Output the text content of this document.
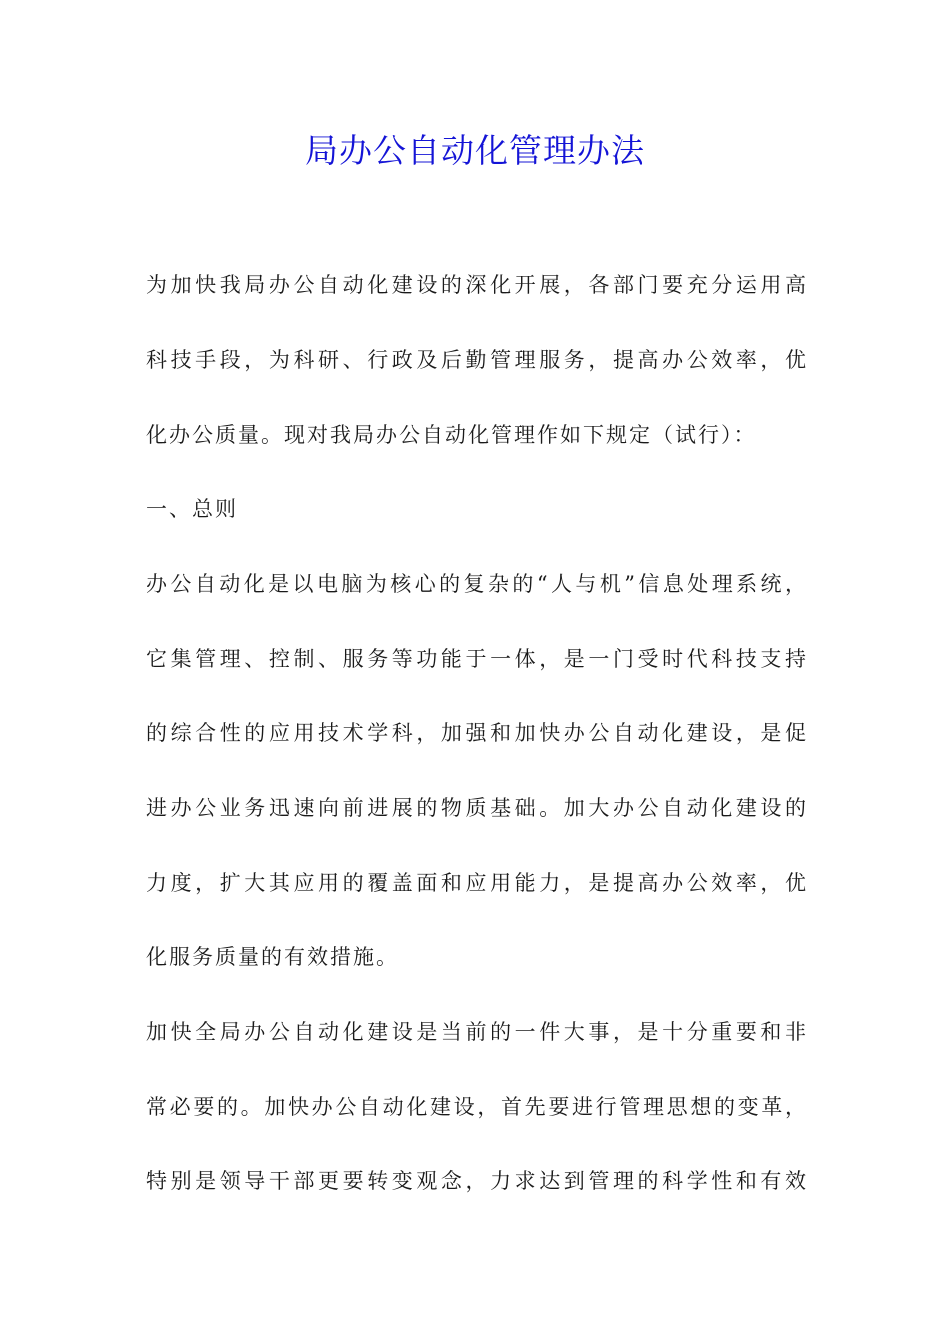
局办公自动化管理办法
为加快我局办公自动化建设的深化开展，各部门要充分运用高
科技手段，为科研、行政及后勤管理服务，提高办公效率，优
化办公质量。现对我局办公自动化管理作如下规定（试行）：
一、总则
办公自动化是以电脑为核心的复杂的“人与机”信息处理系统，
它集管理、控制、服务等功能于一体，是一门受时代科技支持
的综合性的应用技术学科，加强和加快办公自动化建设，是促
进办公业务迅速向前进展的物质基础。加大办公自动化建设的
力度，扩大其应用的覆盖面和应用能力，是提高办公效率，优
化服务质量的有效措施。
加快全局办公自动化建设是当前的一件大事，是十分重要和非
常必要的。加快办公自动化建设，首先要进行管理思想的变革，
特别是领导干部更要转变观念，力求达到管理的科学性和有效
